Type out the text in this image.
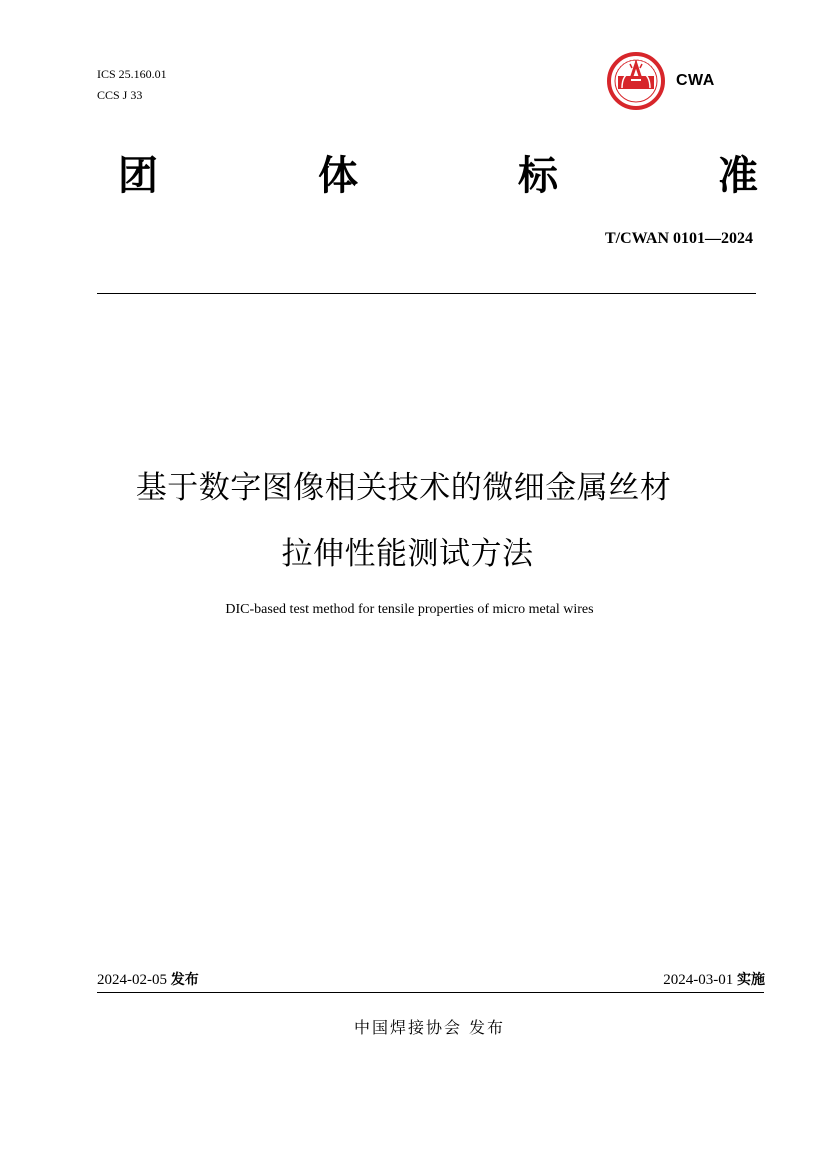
ICS 25.160.01
CCS J 33
CWA
团	体	标	准
T/CWAN 0101—2024
基于数字图像相关技术的微细金属丝材
拉伸性能测试方法
DIC-based test method for tensile properties of micro metal wires
2024-02-05 发布	2024-03-01 实施
中国焊接协会 发布
